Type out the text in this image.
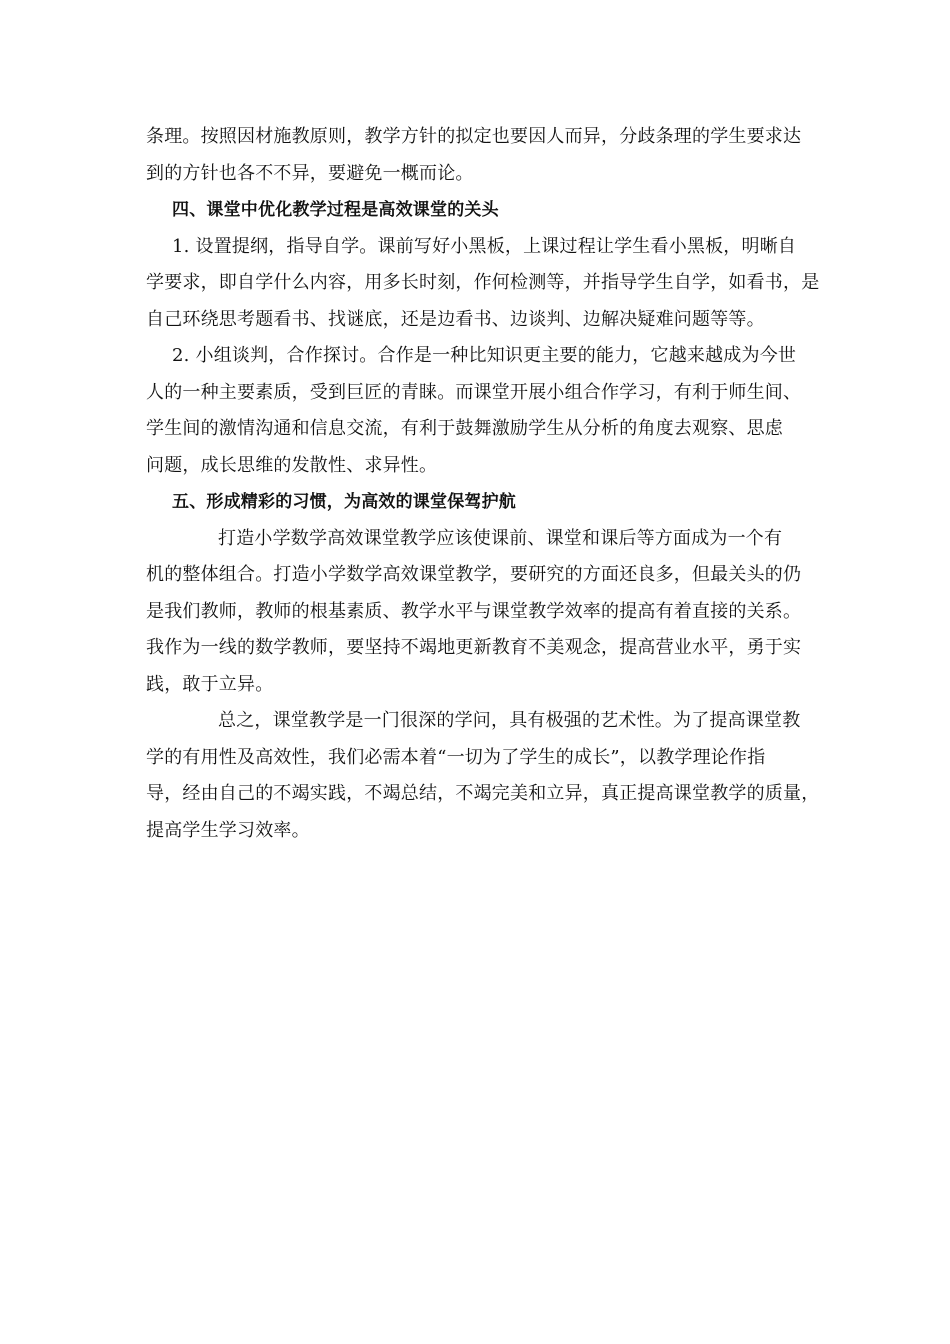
条理。按照因材施教原则，教学方针的拟定也要因人而异，分歧条理的学生要求达
到的方针也各不不异，要避免一概而论。
四、课堂中优化教学过程是高效课堂的关头
1. 设置提纲，指导自学。课前写好小黑板，上课过程让学生看小黑板，明晰自
学要求，即自学什么内容，用多长时刻，作何检测等，并指导学生自学，如看书，是
自己环绕思考题看书、找谜底，还是边看书、边谈判、边解决疑难问题等等。
2. 小组谈判，合作探讨。合作是一种比知识更主要的能力，它越来越成为今世
人的一种主要素质，受到巨匠的青睐。而课堂开展小组合作学习，有利于师生间、
学生间的激情沟通和信息交流，有利于鼓舞激励学生从分析的角度去观察、思虑
问题，成长思维的发散性、求异性。
五、形成精彩的习惯，为高效的课堂保驾护航
打造小学数学高效课堂教学应该使课前、课堂和课后等方面成为一个有
机的整体组合。打造小学数学高效课堂教学，要研究的方面还良多，但最关头的仍
是我们教师，教师的根基素质、教学水平与课堂教学效率的提高有着直接的关系。
我作为一线的数学教师，要坚持不竭地更新教育不美观念，提高营业水平，勇于实
践，敢于立异。
总之，课堂教学是一门很深的学问，具有极强的艺术性。为了提高课堂教
学的有用性及高效性，我们必需本着“一切为了学生的成长”，以教学理论作指
导，经由自己的不竭实践，不竭总结，不竭完美和立异，真正提高课堂教学的质量，
提高学生学习效率。
